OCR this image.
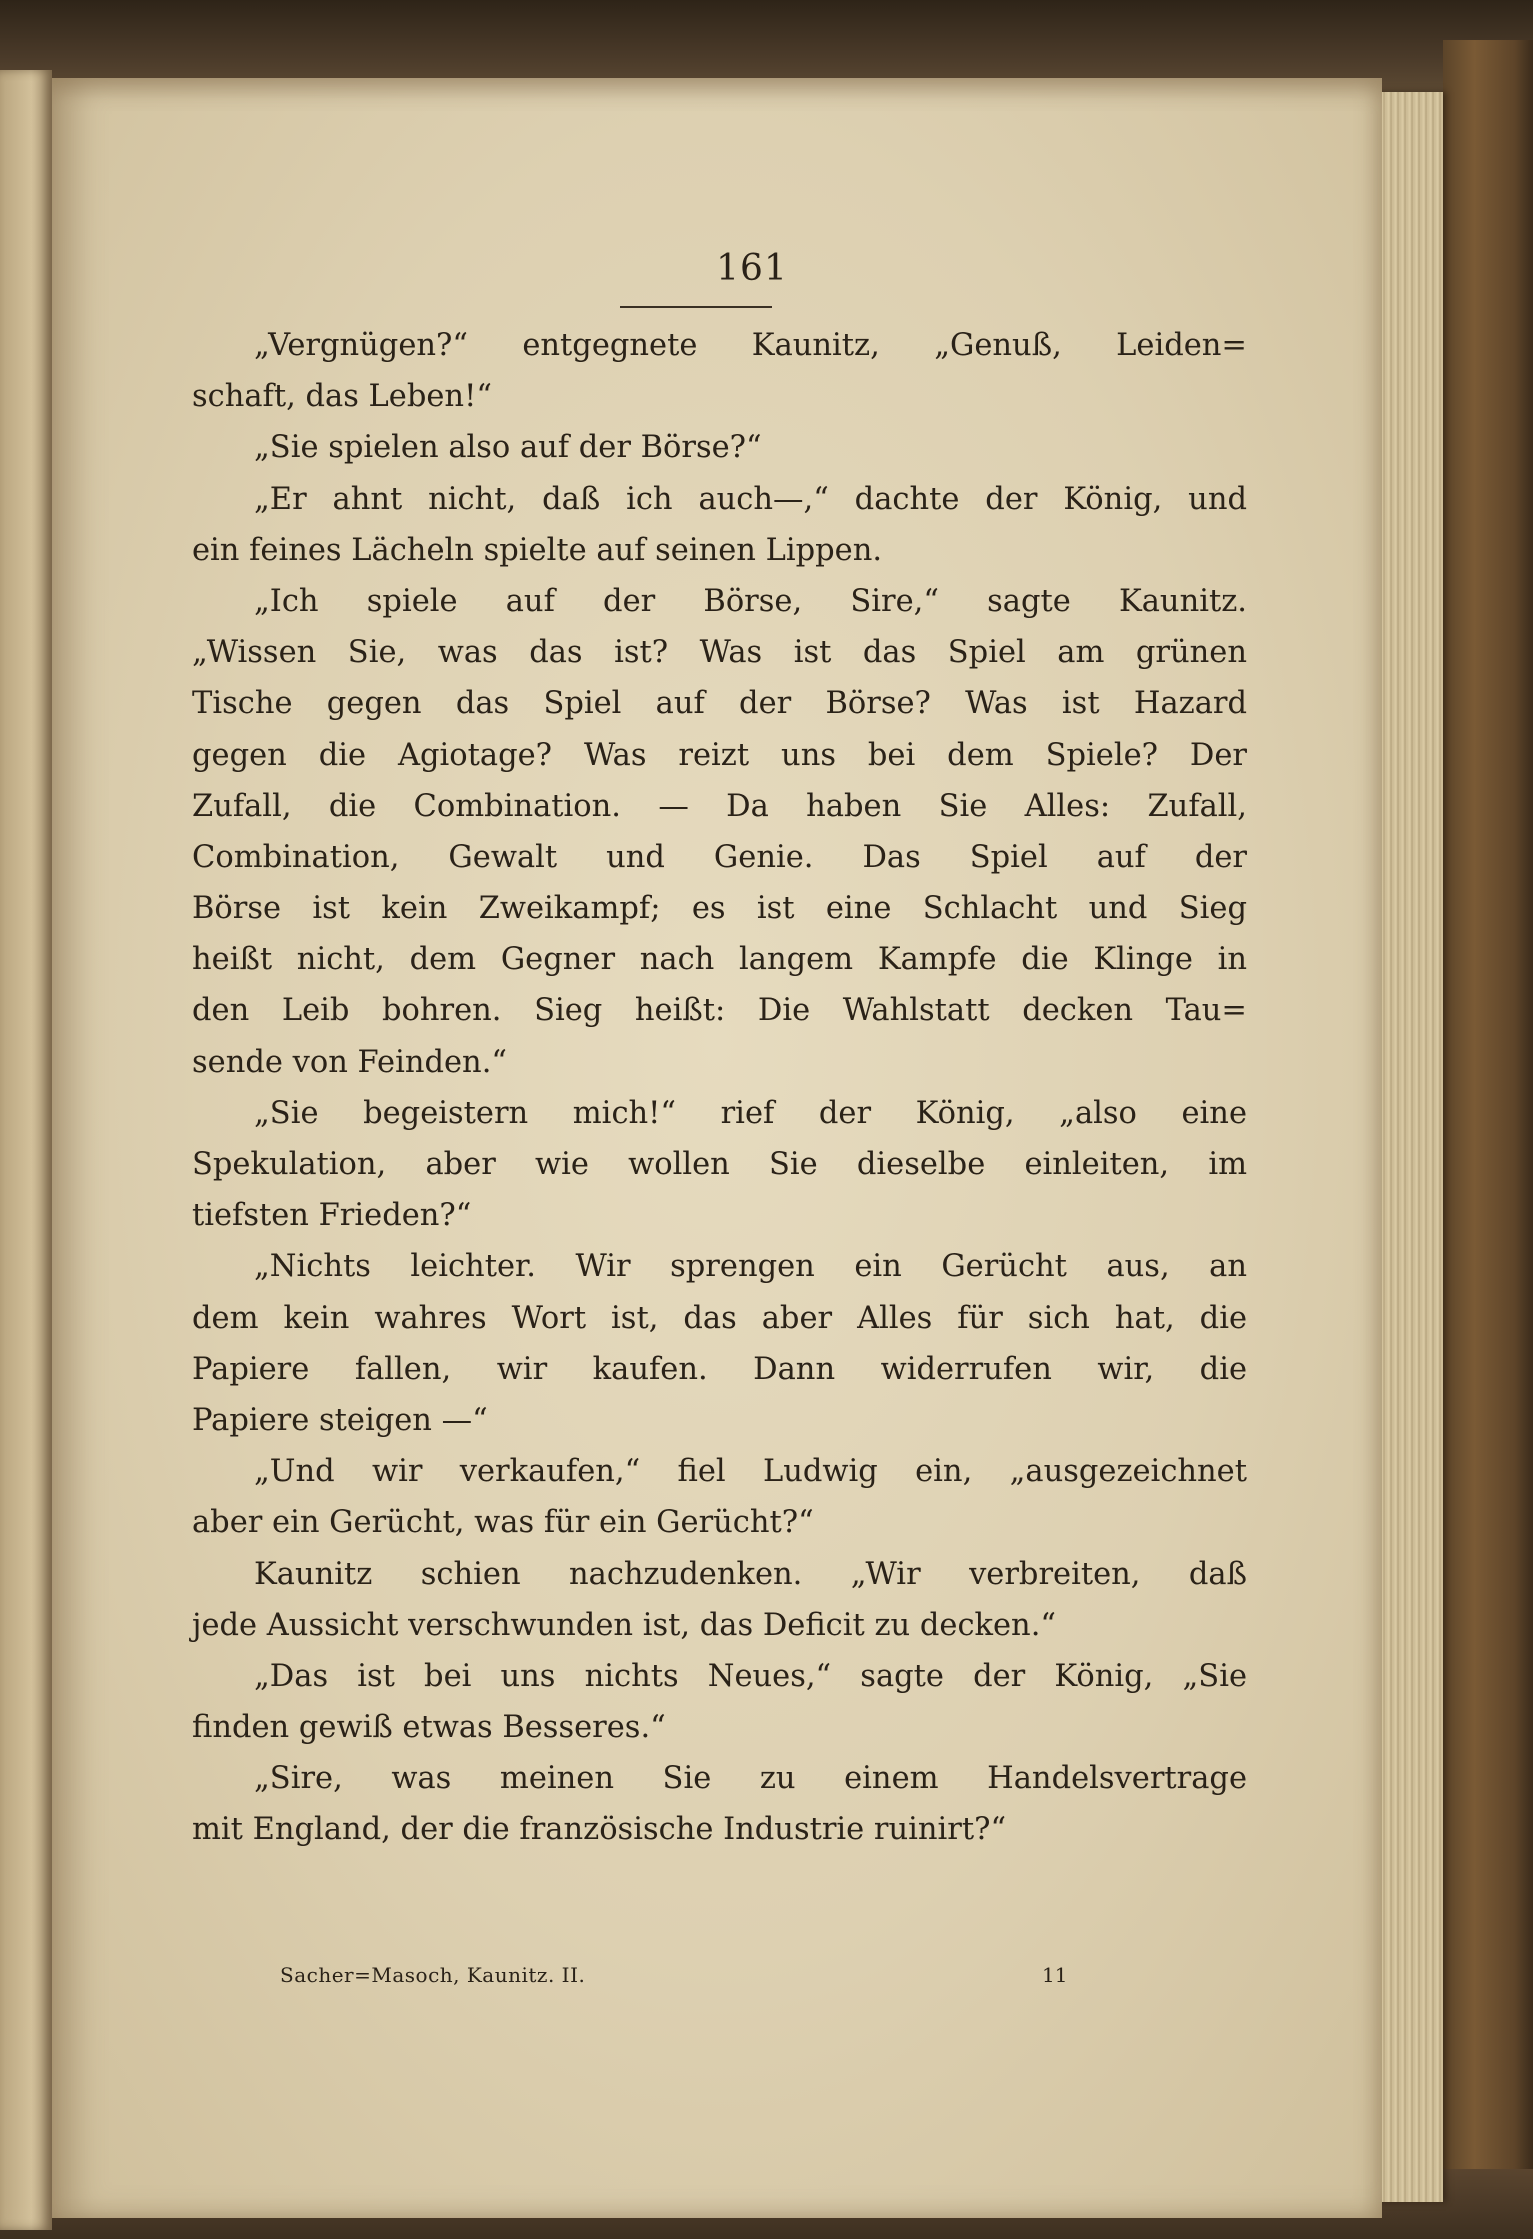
161
„Vergnügen?“ entgegnete Kaunitz, „Genuß, Leiden=
schaft, das Leben!“
„Sie spielen also auf der Börse?“
„Er ahnt nicht, daß ich auch—,“ dachte der König, und
ein feines Lächeln spielte auf seinen Lippen.
„Ich spiele auf der Börse, Sire,“ sagte Kaunitz.
„Wissen Sie, was das ist? Was ist das Spiel am grünen
Tische gegen das Spiel auf der Börse? Was ist Hazard
gegen die Agiotage? Was reizt uns bei dem Spiele? Der
Zufall, die Combination. — Da haben Sie Alles: Zufall,
Combination, Gewalt und Genie. Das Spiel auf der
Börse ist kein Zweikampf; es ist eine Schlacht und Sieg
heißt nicht, dem Gegner nach langem Kampfe die Klinge in
den Leib bohren. Sieg heißt: Die Wahlstatt decken Tau=
sende von Feinden.“
„Sie begeistern mich!“ rief der König, „also eine
Spekulation, aber wie wollen Sie dieselbe einleiten, im
tiefsten Frieden?“
„Nichts leichter. Wir sprengen ein Gerücht aus, an
dem kein wahres Wort ist, das aber Alles für sich hat, die
Papiere fallen, wir kaufen. Dann widerrufen wir, die
Papiere steigen —“
„Und wir verkaufen,“ fiel Ludwig ein, „ausgezeichnet
aber ein Gerücht, was für ein Gerücht?“
Kaunitz schien nachzudenken. „Wir verbreiten, daß
jede Aussicht verschwunden ist, das Deficit zu decken.“
„Das ist bei uns nichts Neues,“ sagte der König, „Sie
finden gewiß etwas Besseres.“
„Sire, was meinen Sie zu einem Handelsvertrage
mit England, der die französische Industrie ruinirt?“
Sacher=Masoch, Kaunitz. II.	11
